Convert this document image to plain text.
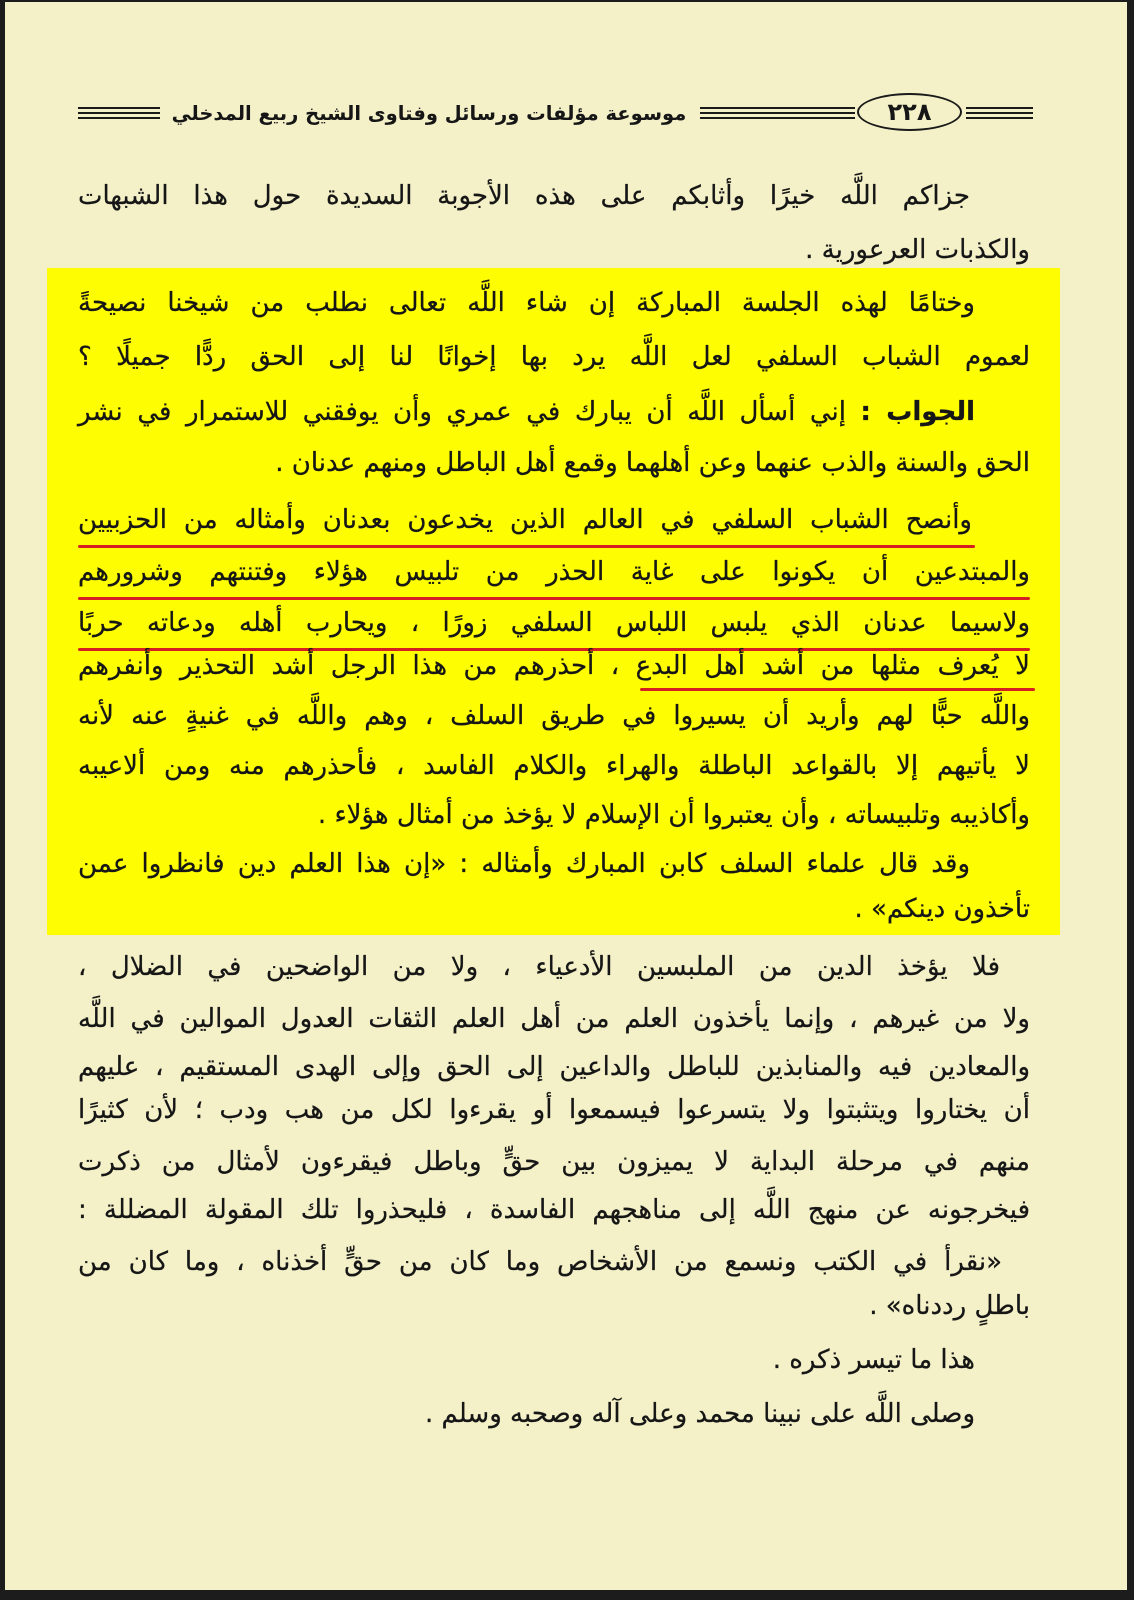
موسوعة مؤلفات ورسائل وفتاوى الشيخ ربيع المدخلي	٢٢٨
جزاكم اللَّه خيرًا وأثابكم على هذه الأجوبة السديدة حول هذا الشبهات
والكذبات العرعورية .
وختامًا لهذه الجلسة المباركة إن شاء اللَّه تعالى نطلب من شيخنا نصيحةً
لعموم الشباب السلفي لعل اللَّه يرد بها إخوانًا لنا إلى الحق ردًّا جميلًا ؟
الجواب : إني أسأل اللَّه أن يبارك في عمري وأن يوفقني للاستمرار في نشر
الحق والسنة والذب عنهما وعن أهلهما وقمع أهل الباطل ومنهم عدنان .
وأنصح الشباب السلفي في العالم الذين يخدعون بعدنان وأمثاله من الحزبيين
والمبتدعين أن يكونوا على غاية الحذر من تلبيس هؤلاء وفتنتهم وشرورهم
ولاسيما عدنان الذي يلبس اللباس السلفي زورًا ، ويحارب أهله ودعاته حربًا
لا يُعرف مثلها من أشد أهل البدع ، أحذرهم من هذا الرجل أشد التحذير وأنفرهم
واللَّه حبًّا لهم وأريد أن يسيروا في طريق السلف ، وهم واللَّه في غنيةٍ عنه لأنه
لا يأتيهم إلا بالقواعد الباطلة والهراء والكلام الفاسد ، فأحذرهم منه ومن ألاعيبه
وأكاذيبه وتلبيساته ، وأن يعتبروا أن الإسلام لا يؤخذ من أمثال هؤلاء .
وقد قال علماء السلف كابن المبارك وأمثاله : «إن هذا العلم دين فانظروا عمن
تأخذون دينكم» .
فلا يؤخذ الدين من الملبسين الأدعياء ، ولا من الواضحين في الضلال ،
ولا من غيرهم ، وإنما يأخذون العلم من أهل العلم الثقات العدول الموالين في اللَّه
والمعادين فيه والمنابذين للباطل والداعين إلى الحق وإلى الهدى المستقيم ، عليهم
أن يختاروا ويتثبتوا ولا يتسرعوا فيسمعوا أو يقرءوا لكل من هب ودب ؛ لأن كثيرًا
منهم في مرحلة البداية لا يميزون بين حقٍّ وباطل فيقرءون لأمثال من ذكرت
فيخرجونه عن منهج اللَّه إلى مناهجهم الفاسدة ، فليحذروا تلك المقولة المضللة :
«نقرأ في الكتب ونسمع من الأشخاص وما كان من حقٍّ أخذناه ، وما كان من
باطلٍ رددناه» .
هذا ما تيسر ذكره .
وصلى اللَّه على نبينا محمد وعلى آله وصحبه وسلم .
